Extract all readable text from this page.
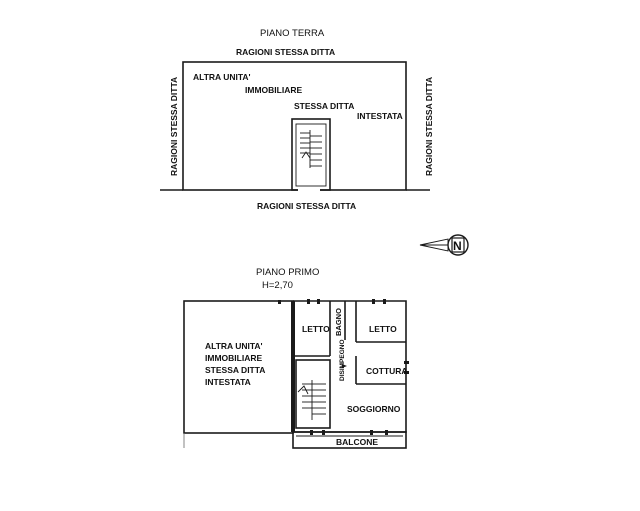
PIANO TERRA
RAGIONI STESSA DITTA
ALTRA UNITA'
IMMOBILIARE
STESSA DITTA
INTESTATA
RAGIONI STESSA DITTA
RAGIONI STESSA DITTA	RAGIONI STESSA DITTA
N
PIANO PRIMO
H=2,70
ALTRA UNITA'
IMMOBILIARE
STESSA DITTA
INTESTATA
LETTO BAGNO	LETTO
DISIMPEGNO COTTURA
SOGGIORNO
BALCONE
